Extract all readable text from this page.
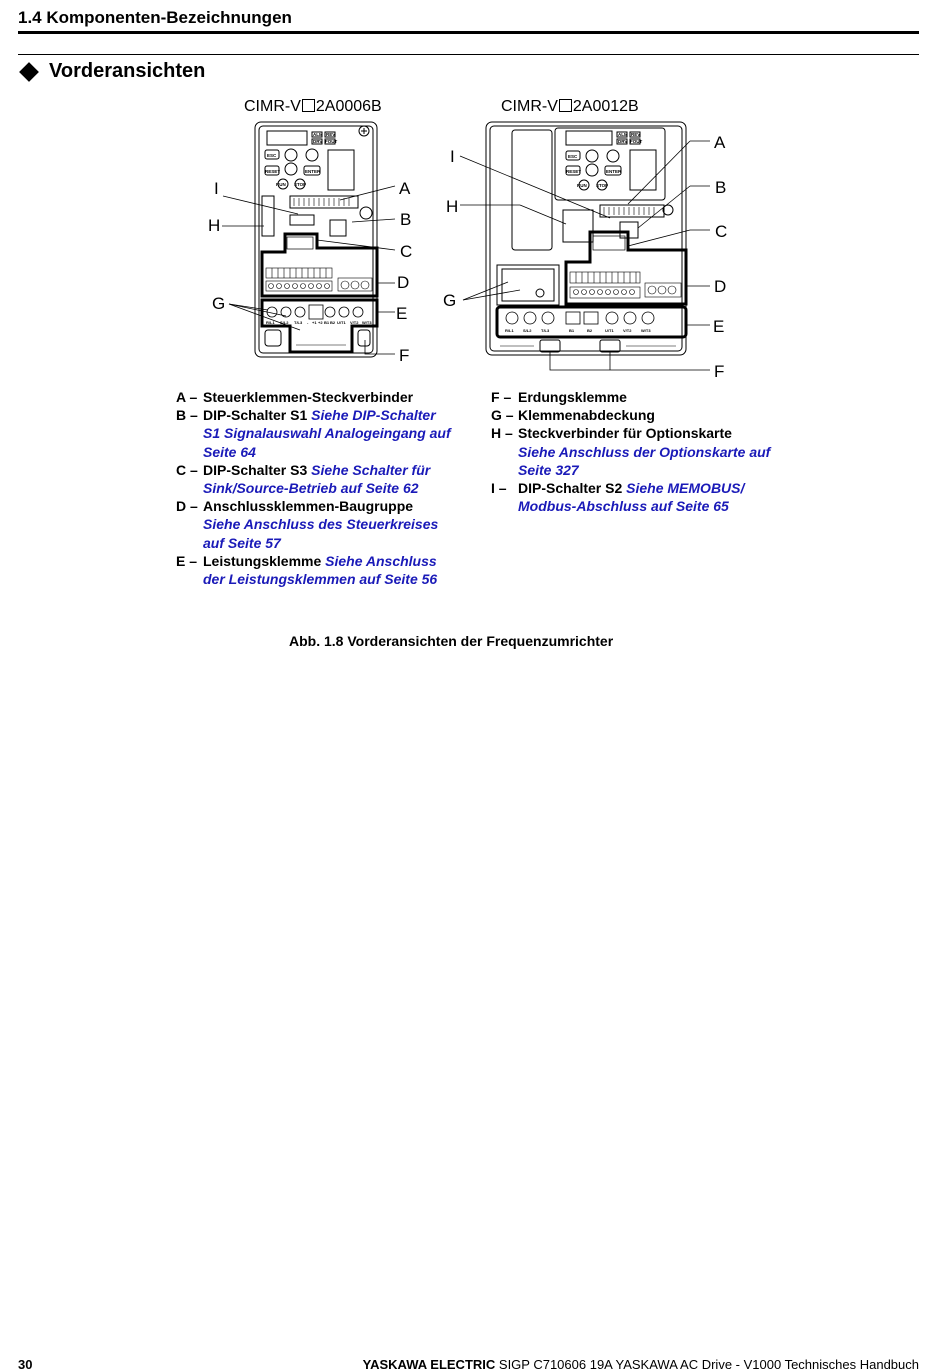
1.4 Komponenten-Bezeichnungen
Vorderansichten
CIMR-V 2A0006B	CIMR-V 2A0012B
I
H
G
A
B
C
D
E
F
I
H
G
A
B
C
D
E
F
ESC
RESET	ENTER
RUN STOP
ALM REV
DRV FOUT
ESC
RESET	ENTER
RUN STOP
ALM REV
DRV FOUT
R/L1 S/L2 T/L3 - +1 +2 B1 B2 U/T1 V/T2 W/T3
R/L1 S/L2 T/L3	B1	B2	U/T1 V/T2 W/T3
A – Steuerklemmen-Steckverbinder
B – DIP-Schalter S1 Siehe DIP-Schalter S1 Signalauswahl Analogeingang auf Seite 64
C – DIP-Schalter S3 Siehe Schalter für Sink/Source-Betrieb auf Seite 62
D – Anschlussklemmen-Baugruppe Siehe Anschluss des Steuerkreises auf Seite 57
E – Leistungsklemme Siehe Anschluss der Leistungsklemmen auf Seite 56
F – Erdungsklemme
G – Klemmenabdeckung
H – Steckverbinder für Optionskarte Siehe Anschluss der Optionskarte auf Seite 327
I – DIP-Schalter S2 Siehe MEMOBUS/ Modbus-Abschluss auf Seite 65
Abb. 1.8 Vorderansichten der Frequenzumrichter
30	YASKAWA ELECTRIC SIGP C710606 19A YASKAWA AC Drive - V1000 Technisches Handbuch
